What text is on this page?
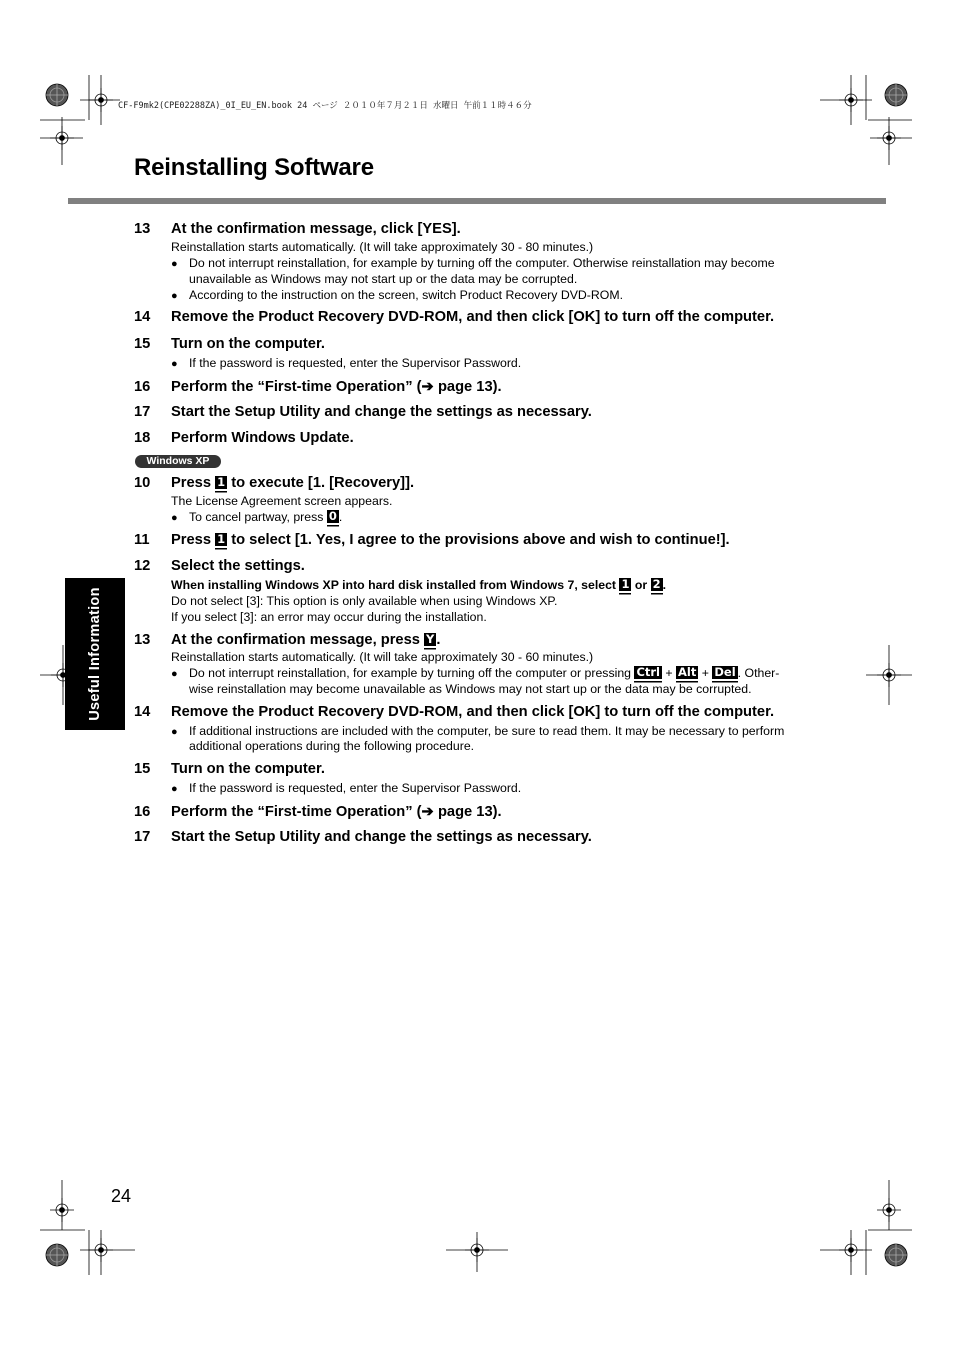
CF-F9mk2(CPE02288ZA)_0I_EU_EN.book 24 ページ ２０１０年７月２１日 水曜日 午前１１時４６分
Reinstalling Software
Useful Information
13 At the confirmation message, click [YES].
Reinstallation starts automatically. (It will take approximately 30 - 80 minutes.)
● Do not interrupt reinstallation, for example by turning off the computer. Otherwise reinstallation may become
unavailable as Windows may not start up or the data may be corrupted.
● According to the instruction on the screen, switch Product Recovery DVD-ROM.
14 Remove the Product Recovery DVD-ROM, and then click [OK] to turn off the computer.
15 Turn on the computer.
● If the password is requested, enter the Supervisor Password.
16 Perform the “First-time Operation” (➔ page 13).
17 Start the Setup Utility and change the settings as necessary.
18 Perform Windows Update.
Windows XP
10 Press 1 to execute [1. [Recovery]].
The License Agreement screen appears.
● To cancel partway, press 0 .
11 Press 1 to select [1. Yes, I agree to the provisions above and wish to continue!].
12 Select the settings.
When installing Windows XP into hard disk installed from Windows 7, select 1 or 2 .
Do not select [3]: This option is only available when using Windows XP.
If you select [3]: an error may occur during the installation.
13 At the confirmation message, press Y .
Reinstallation starts automatically. (It will take approximately 30 - 60 minutes.)
● Do not interrupt reinstallation, for example by turning off the computer or pressing Ctrl + Alt + Del . Other-
wise reinstallation may become unavailable as Windows may not start up or the data may be corrupted.
14 Remove the Product Recovery DVD-ROM, and then click [OK] to turn off the computer.
● If additional instructions are included with the computer, be sure to read them. It may be necessary to perform
additional operations during the following procedure.
15 Turn on the computer.
● If the password is requested, enter the Supervisor Password.
16 Perform the “First-time Operation” (➔ page 13).
17 Start the Setup Utility and change the settings as necessary.
24
